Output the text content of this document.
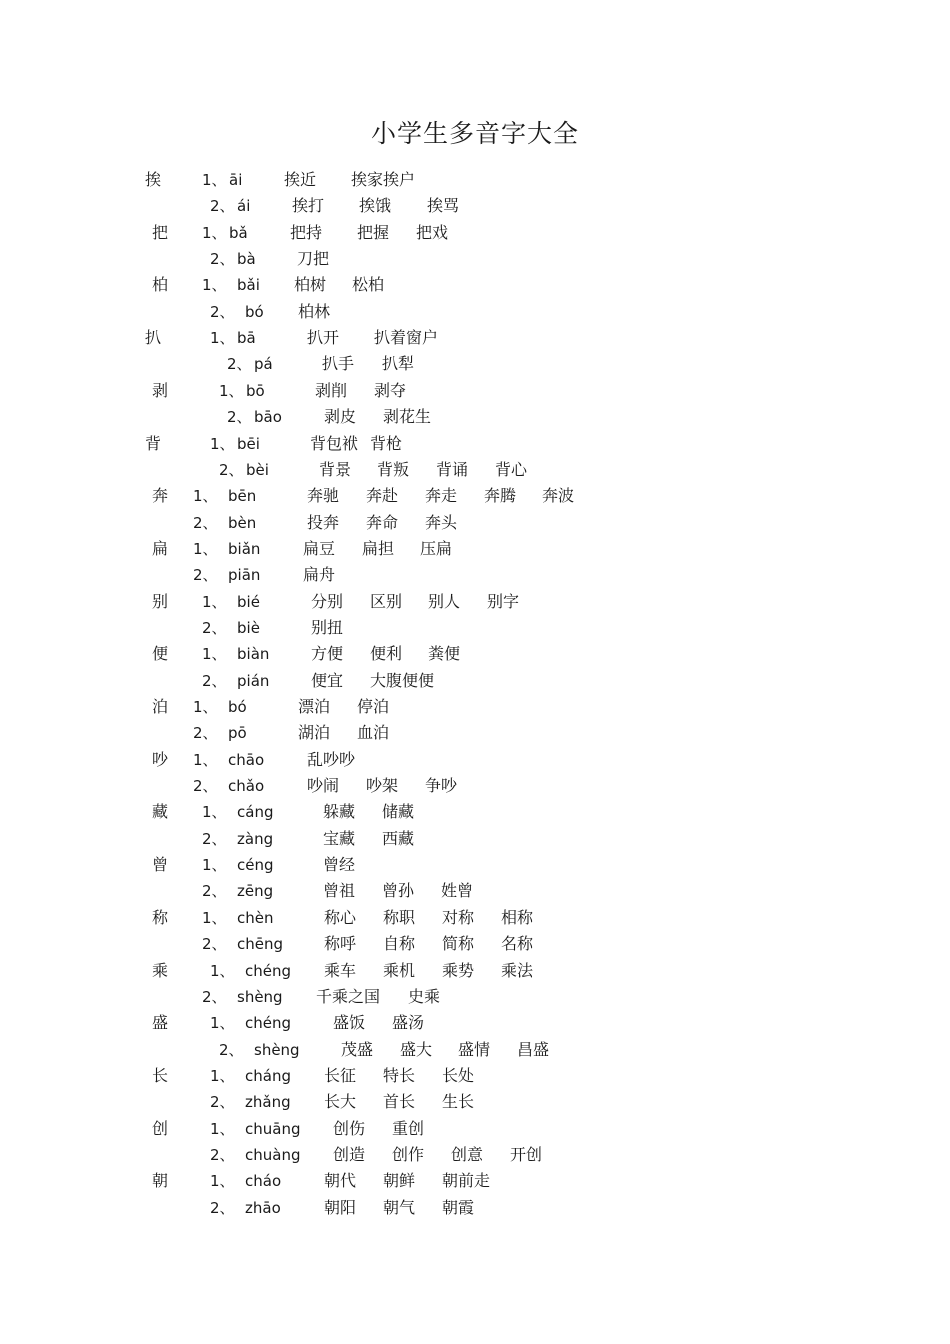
小学生多音字大全
挨	1、 āi	挨近 挨家挨户
2、 ái	挨打 挨饿 挨骂
把 1、 bǎ	把持 把握 把戏
2、 bà	刀把
柏 1、 bǎi 柏树 松柏
2、 bó 柏林
扒	1、 bā	扒开 扒着窗户
2、 pá	扒手 扒犁
剥	1、 bō	剥削 剥夺
2、 bāo	剥皮 剥花生
背	1、 bēi	背包袱 背枪
2、 bèi	背景 背叛 背诵 背心
奔 1、 bēn	奔驰 奔赴 奔走 奔腾 奔波
2、 bèn	投奔 奔命 奔头
扁 1、 biǎn	扁豆 扁担 压扁
2、 piān	扁舟
别 1、 bié	分别 区别 别人 别字
2、 biè	别扭
便 1、 biàn	方便 便利 粪便
2、 pián	便宜 大腹便便
泊 1、 bó	漂泊 停泊
2、 pō	湖泊 血泊
吵 1、 chāo	乱吵吵
2、 chǎo	吵闹 吵架 争吵
藏 1、 cáng	躲藏 储藏
2、 zàng	宝藏 西藏
曾 1、 céng	曾经
2、 zēng	曾祖 曾孙 姓曾
称 1、 chèn	称心 称职 对称 相称
2、 chēng	称呼 自称 简称 名称
乘	1、 chéng 乘车 乘机 乘势 乘法
2、 shèng 千乘之国 史乘
盛	1、 chéng	盛饭 盛汤
2、 shèng	茂盛 盛大 盛情 昌盛
长	1、 cháng 长征 特长 长处
2、 zhǎng 长大 首长 生长
创	1、 chuāng 创伤 重创
2、 chuàng 创造 创作 创意 开创
朝	1、 cháo	朝代 朝鲜 朝前走
2、 zhāo	朝阳 朝气 朝霞
